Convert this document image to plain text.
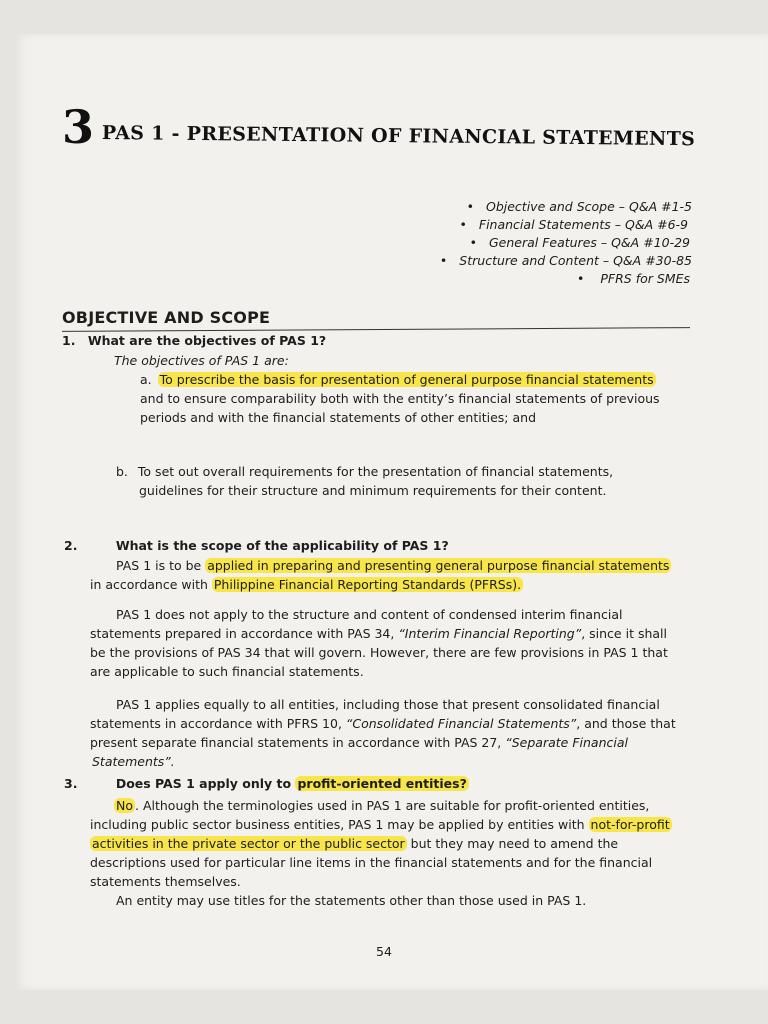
3 PAS 1 - PRESENTATION OF FINANCIAL STATEMENTS
• Objective and Scope – Q&A #1-5
• Financial Statements – Q&A #6-9
• General Features – Q&A #10-29
• Structure and Content – Q&A #30-85
• PFRS for SMEs
OBJECTIVE AND SCOPE
1. What are the objectives of PAS 1?
The objectives of PAS 1 are:
a. To prescribe the basis for presentation of general purpose financial statements
and to ensure comparability both with the entity’s financial statements of previous
periods and with the financial statements of other entities; and
b. To set out overall requirements for the presentation of financial statements,
guidelines for their structure and minimum requirements for their content.
2.	What is the scope of the applicability of PAS 1?
PAS 1 is to be applied in preparing and presenting general purpose financial statements
in accordance with Philippine Financial Reporting Standards (PFRSs).
PAS 1 does not apply to the structure and content of condensed interim financial
statements prepared in accordance with PAS 34, “Interim Financial Reporting”, since it shall
be the provisions of PAS 34 that will govern. However, there are few provisions in PAS 1 that
are applicable to such financial statements.
PAS 1 applies equally to all entities, including those that present consolidated financial
statements in accordance with PFRS 10, “Consolidated Financial Statements”, and those that
present separate financial statements in accordance with PAS 27, “Separate Financial
Statements”.
3.	Does PAS 1 apply only to profit-oriented entities?
No . Although the terminologies used in PAS 1 are suitable for profit-oriented entities,
including public sector business entities, PAS 1 may be applied by entities with not-for-profit
activities in the private sector or the public sector but they may need to amend the
descriptions used for particular line items in the financial statements and for the financial
statements themselves.
An entity may use titles for the statements other than those used in PAS 1.
54
